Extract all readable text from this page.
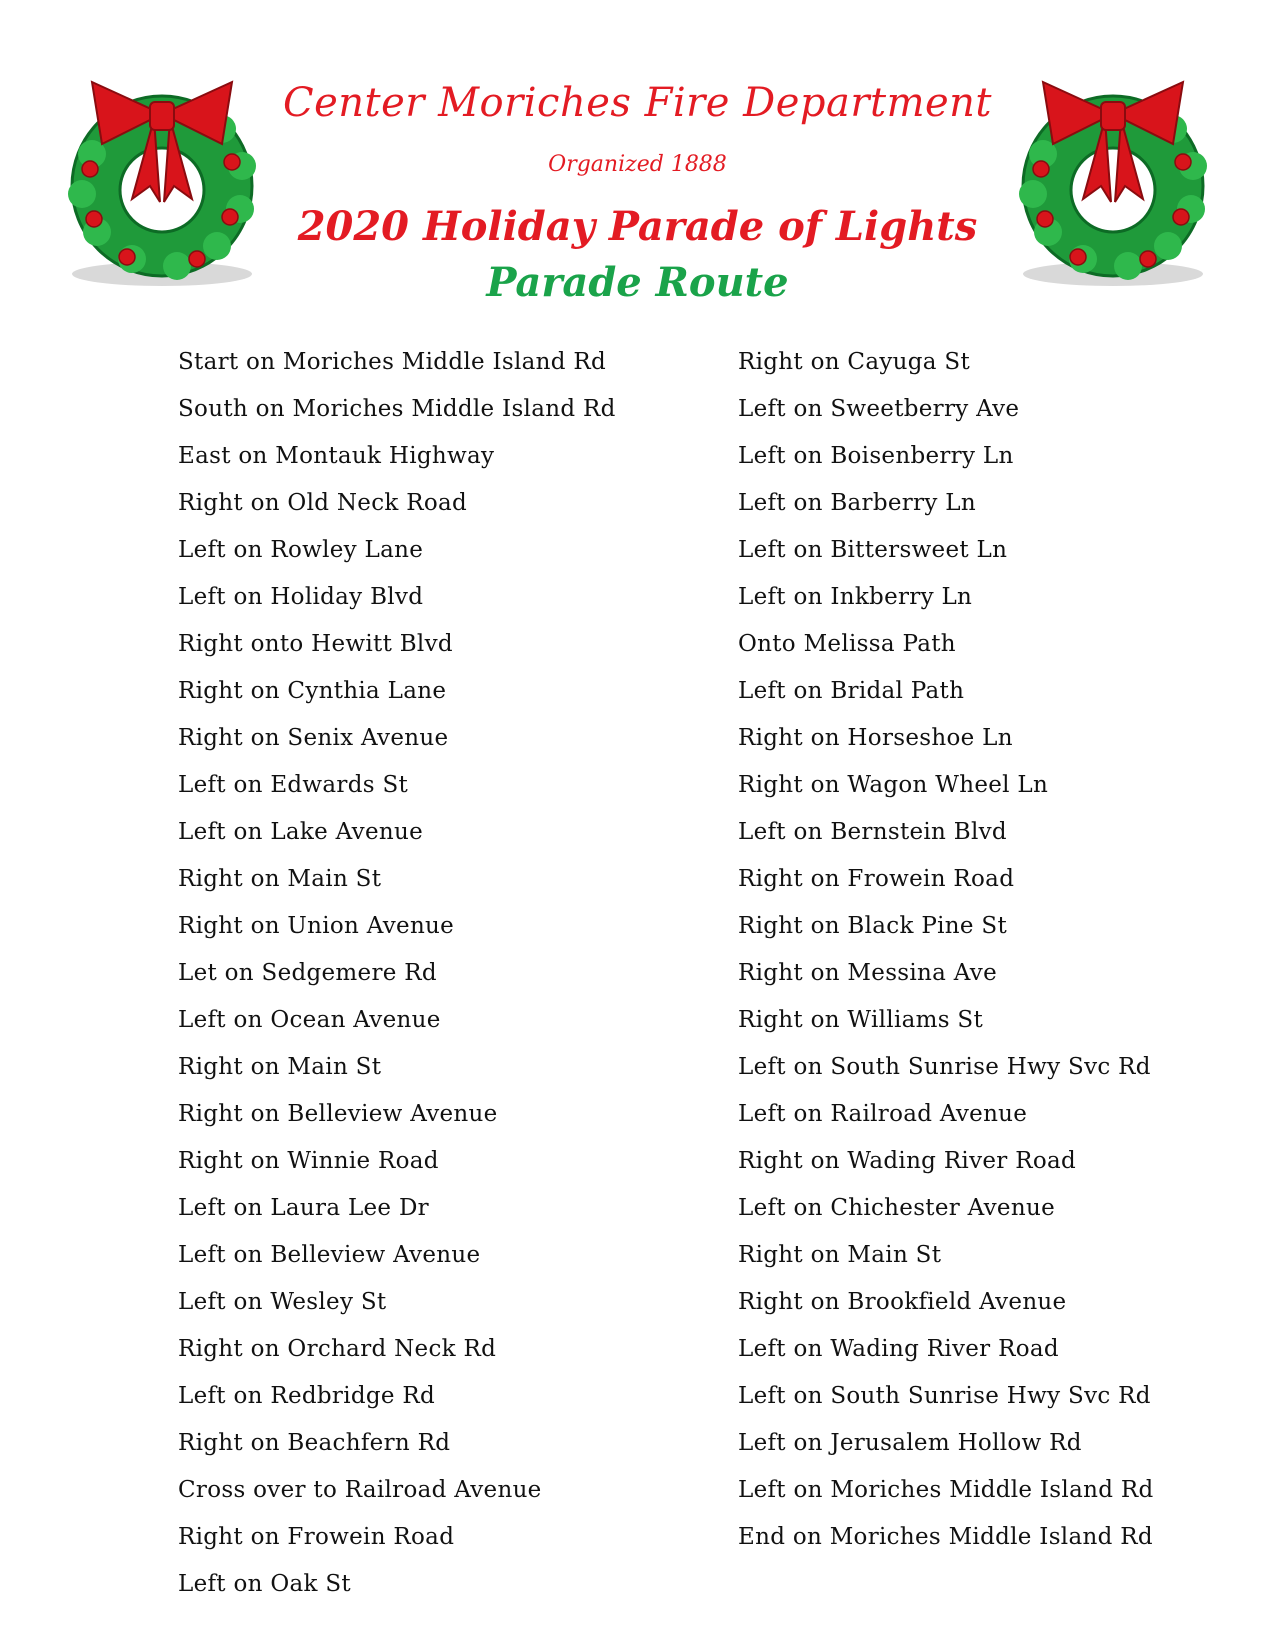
Center Moriches Fire Department
Organized 1888
2020 Holiday Parade of Lights
Parade Route
Start on Moriches Middle Island Rd
South on Moriches Middle Island Rd
East on Montauk Highway
Right on Old Neck Road
Left on Rowley Lane
Left on Holiday Blvd
Right onto Hewitt Blvd
Right on Cynthia Lane
Right on Senix Avenue
Left on Edwards St
Left on Lake Avenue
Right on Main St
Right on Union Avenue
Let on Sedgemere Rd
Left on Ocean Avenue
Right on Main St
Right on Belleview Avenue
Right on Winnie Road
Left on Laura Lee Dr
Left on Belleview Avenue
Left on Wesley St
Right on Orchard Neck Rd
Left on Redbridge Rd
Right on Beachfern Rd
Cross over to Railroad Avenue
Right on Frowein Road
Left on Oak St
Right on Cayuga St
Left on Sweetberry Ave
Left on Boisenberry Ln
Left on Barberry Ln
Left on Bittersweet Ln
Left on Inkberry Ln
Onto Melissa Path
Left on Bridal Path
Right on Horseshoe Ln
Right on Wagon Wheel Ln
Left on Bernstein Blvd
Right on Frowein Road
Right on Black Pine St
Right on Messina Ave
Right on Williams St
Left on South Sunrise Hwy Svc Rd
Left on Railroad Avenue
Right on Wading River Road
Left on Chichester Avenue
Right on Main St
Right on Brookfield Avenue
Left on Wading River Road
Left on South Sunrise Hwy Svc Rd
Left on Jerusalem Hollow Rd
Left on Moriches Middle Island Rd
End on Moriches Middle Island Rd
